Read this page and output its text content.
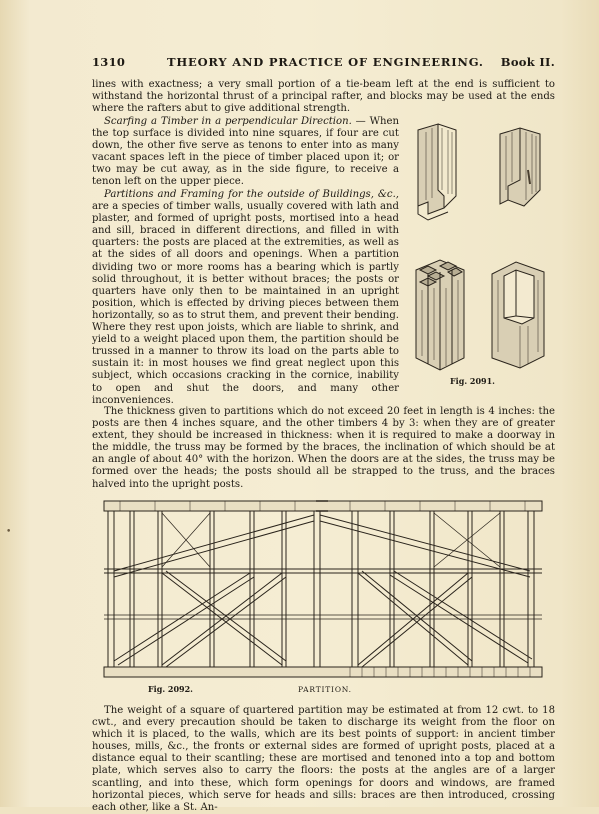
1310	THEORY AND PRACTICE OF ENGINEERING. Book II.

lines with exactness; a very small portion of a tie-beam left at the end is sufficient to withstand the horizontal thrust of a principal rafter, and blocks may be used at the ends where the rafters abut to give additional strength.

Scarfing a Timber in a perpendicular Direction. — When the top surface is divided into nine squares, if four are cut down, the other five serve as tenons to enter into as many vacant spaces left in the piece of timber placed upon it; or two may be cut away, as in the side figure, to receive a tenon left on the upper piece.

Partitions and Framing for the outside of Buildings, &c., are a species of timber walls, usually covered with lath and plaster, and formed of upright posts, mortised into a head and sill, braced in different directions, and filled in with quarters: the posts are placed at the extremities, as well as at the sides of all doors and openings. When a partition dividing two or more rooms has a bearing which is partly solid throughout, it is better without braces; the posts or quarters have only then to be maintained in an upright position, which is effected by driving pieces between them horizontally, so as to strut them, and prevent their bending. Where they rest upon joists, which are liable to shrink, and yield to a weight placed upon them, the partition should be trussed in a manner to throw its load on the parts able to sustain it: in most houses we find great neglect upon this subject, which occasions cracking in the cornice, inability to open and shut the doors, and many other inconveniences.

The thickness given to partitions which do not exceed 20 feet in length is 4 inches: the posts are then 4 inches square, and the other timbers 4 by 3: when they are of greater extent, they should be increased in thickness: when it is required to make a doorway in the middle, the truss may be formed by the braces, the inclination of which should be at an angle of about 40° with the horizon. When the doors are at the sides, the truss may be formed over the heads; the posts should all be strapped to the truss, and the braces halved into the upright posts.

Fig. 2091.
Fig. 2092.	PARTITION.

The weight of a square of quartered partition may be estimated at from 12 cwt. to 18 cwt., and every precaution should be taken to discharge its weight from the floor on which it is placed, to the walls, which are its best points of support: in ancient timber houses, mills, &c., the fronts or external sides are formed of upright posts, placed at a distance equal to their scantling; these are mortised and tenoned into a top and bottom plate, which serves also to carry the floors: the posts at the angles are of a larger scantling, and into these, which form openings for doors and windows, are framed horizontal pieces, which serve for heads and sills: braces are then introduced, crossing each other, like a St. An-

•
